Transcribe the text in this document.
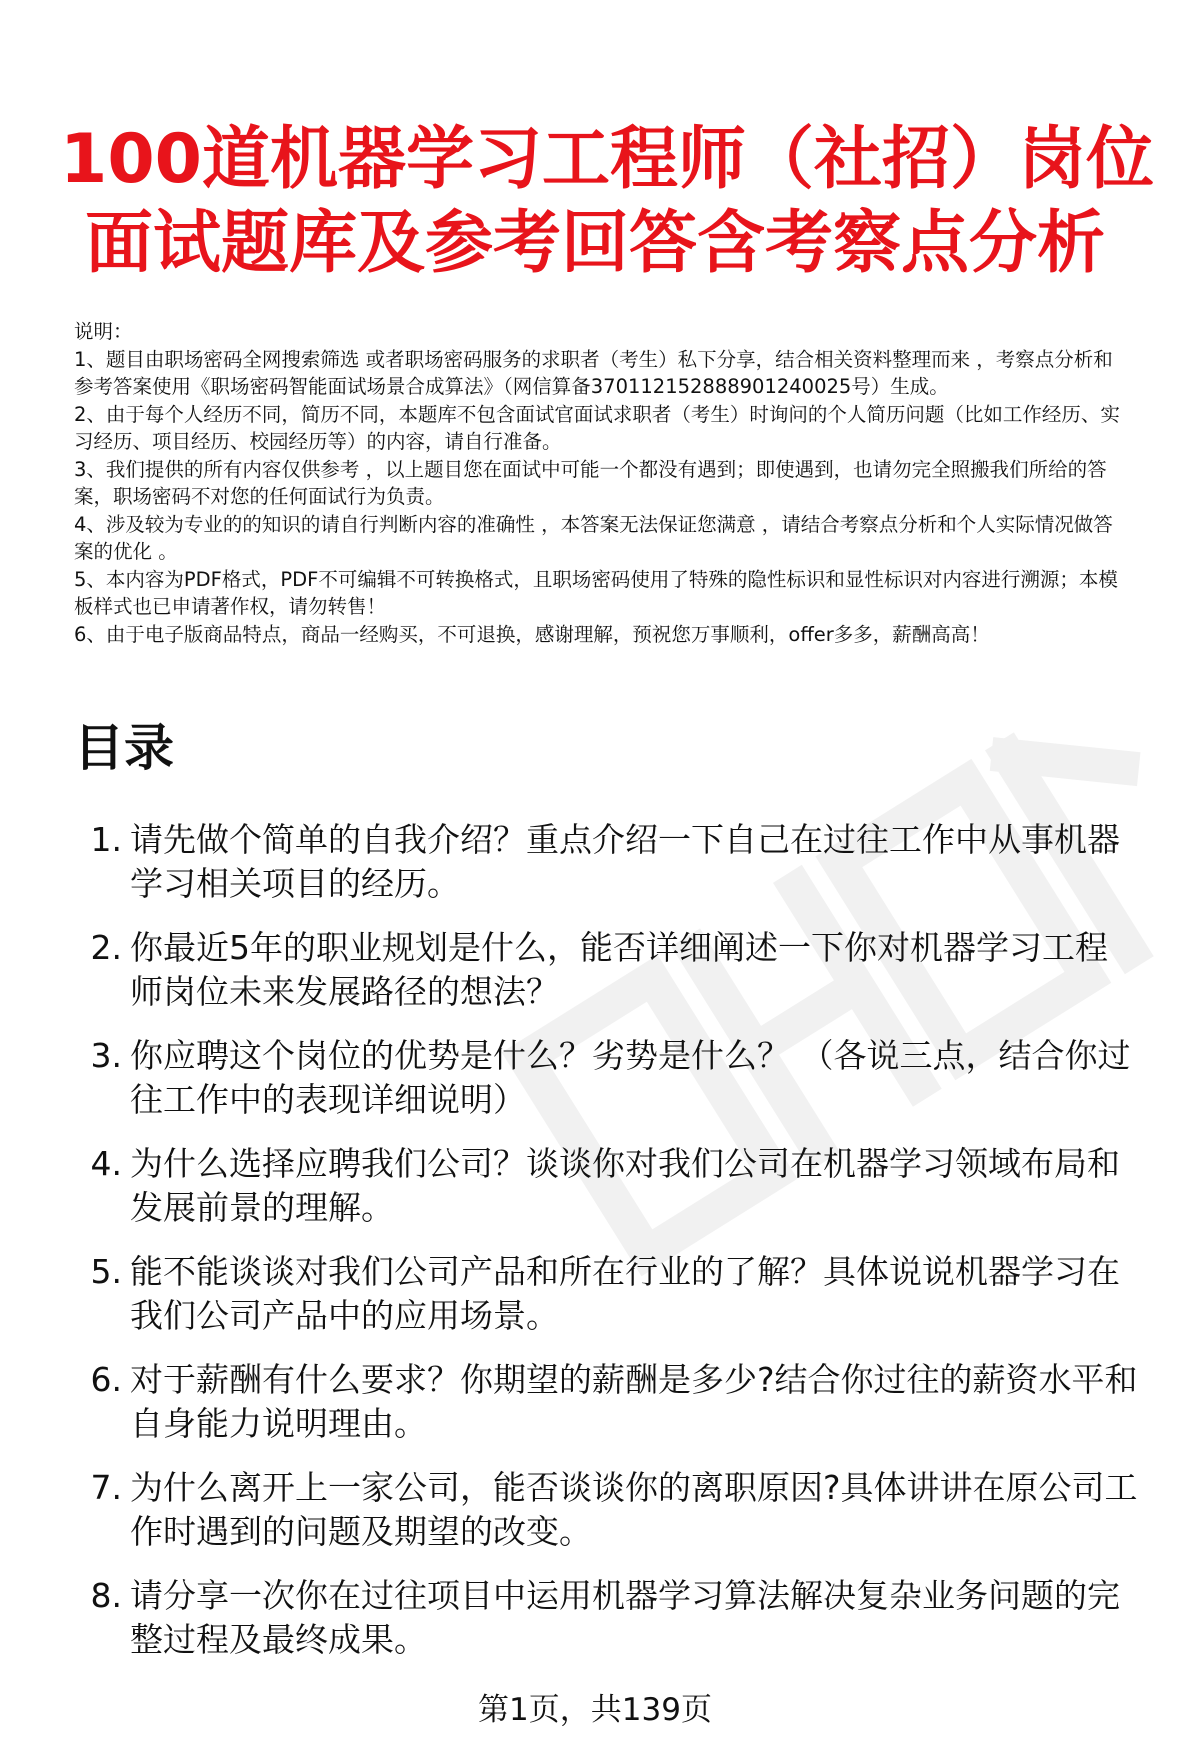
100道机器学习工程师（社招）岗位
面试题库及参考回答含考察点分析

说明：

1、题目由职场密码全网搜索筛选 或者职场密码服务的求职者（考生）私下分享，结合相关资料整理而来 ，考察点分析和参考答案使用《职场密码智能面试场景合成算法》（网信算备370112152888901240025号）生成。

2、由于每个人经历不同，简历不同，本题库不包含面试官面试求职者（考生）时询问的个人简历问题（比如工作经历、实习经历、项目经历、校园经历等）的内容，请自行准备。

3、我们提供的所有内容仅供参考 ，以上题目您在面试中可能一个都没有遇到；即使遇到，也请勿完全照搬我们所给的答案，职场密码不对您的任何面试行为负责。

4、涉及较为专业的的知识的请自行判断内容的准确性 ，本答案无法保证您满意 ，请结合考察点分析和个人实际情况做答案的优化 。

5、本内容为PDF格式，PDF不可编辑不可转换格式，且职场密码使用了特殊的隐性标识和显性标识对内容进行溯源；本模板样式也已申请著作权，请勿转售！

6、由于电子版商品特点，商品一经购买，不可退换，感谢理解，预祝您万事顺利，offer多多，薪酬高高！

目录
1. 请先做个简单的自我介绍？重点介绍一下自己在过往工作中从事机器学习相关项目的经历。
2. 你最近5年的职业规划是什么，能否详细阐述一下你对机器学习工程师岗位未来发展路径的想法？
3. 你应聘这个岗位的优势是什么？劣势是什么？ （各说三点，结合你过往工作中的表现详细说明）
4. 为什么选择应聘我们公司？谈谈你对我们公司在机器学习领域布局和发展前景的理解。
5. 能不能谈谈对我们公司产品和所在行业的了解？具体说说机器学习在我们公司产品中的应用场景。
6. 对于薪酬有什么要求？你期望的薪酬是多少?结合你过往的薪资水平和自身能力说明理由。
7. 为什么离开上一家公司，能否谈谈你的离职原因?具体讲讲在原公司工作时遇到的问题及期望的改变。
8. 请分享一次你在过往项目中运用机器学习算法解决复杂业务问题的完整过程及最终成果。
第1页，共139页
